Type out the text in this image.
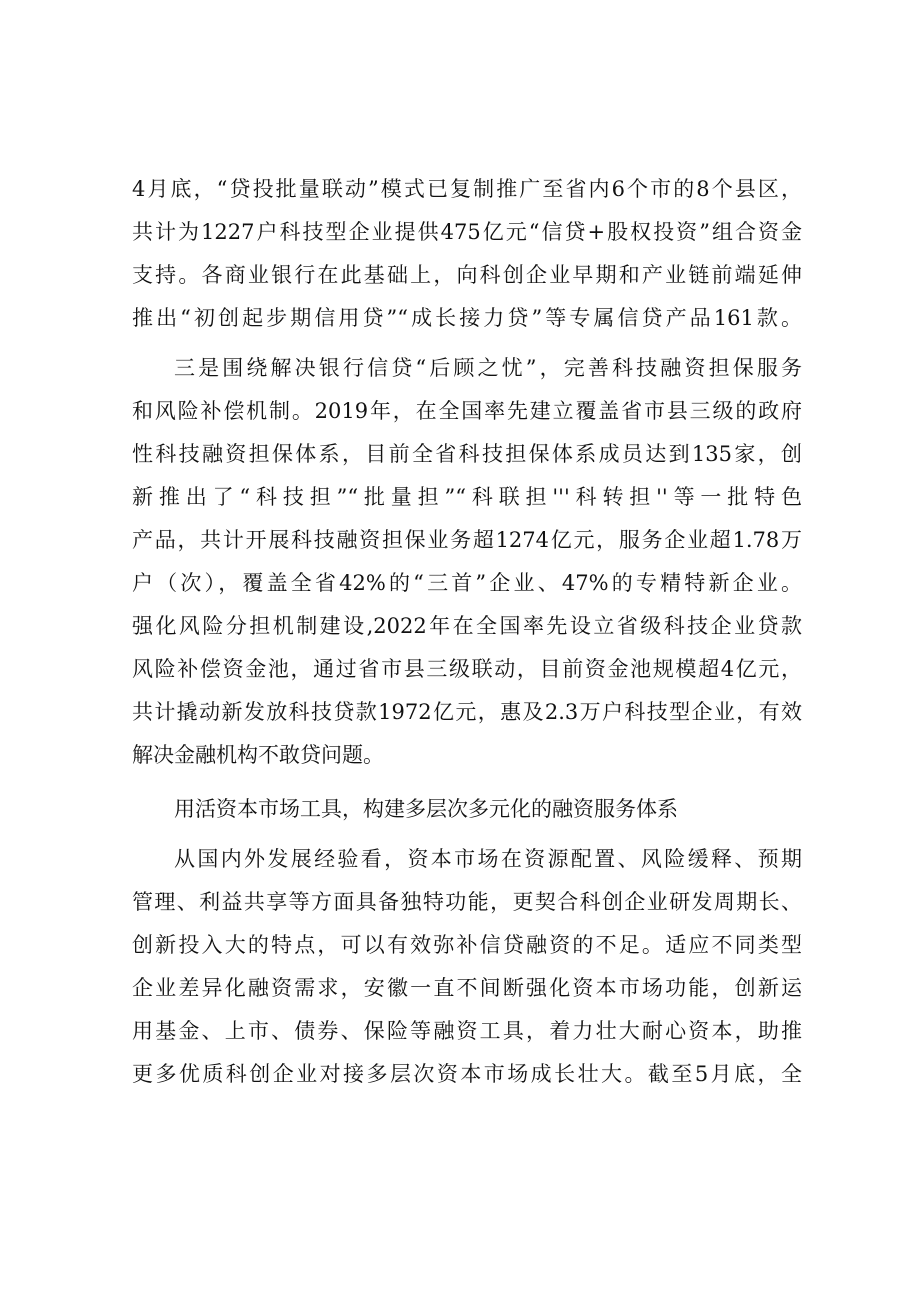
4月底，“贷投批量联动”模式已复制推广至省内6个市的8个县区，
共计为1227户科技型企业提供475亿元“信贷+股权投资”组合资金
支持。各商业银行在此基础上，向科创企业早期和产业链前端延伸
推出“初创起步期信用贷”“成长接力贷”等专属信贷产品161款。
三是围绕解决银行信贷“后顾之忧”，完善科技融资担保服务
和风险补偿机制。2019年，在全国率先建立覆盖省市县三级的政府
性科技融资担保体系，目前全省科技担保体系成员达到135家，创
新推出了“科技担”“批量担”“科联担'''科转担''等一批特色
产品，共计开展科技融资担保业务超1274亿元，服务企业超1.78万
户（次），覆盖全省42%的“三首”企业、47%的专精特新企业。
强化风险分担机制建设,2022年在全国率先设立省级科技企业贷款
风险补偿资金池，通过省市县三级联动，目前资金池规模超4亿元，
共计撬动新发放科技贷款1972亿元，惠及2.3万户科技型企业，有效
解决金融机构不敢贷问题。
用活资本市场工具，构建多层次多元化的融资服务体系
从国内外发展经验看，资本市场在资源配置、风险缓释、预期
管理、利益共享等方面具备独特功能，更契合科创企业研发周期长、
创新投入大的特点，可以有效弥补信贷融资的不足。适应不同类型
企业差异化融资需求，安徽一直不间断强化资本市场功能，创新运
用基金、上市、债券、保险等融资工具，着力壮大耐心资本，助推
更多优质科创企业对接多层次资本市场成长壮大。截至5月底，全
